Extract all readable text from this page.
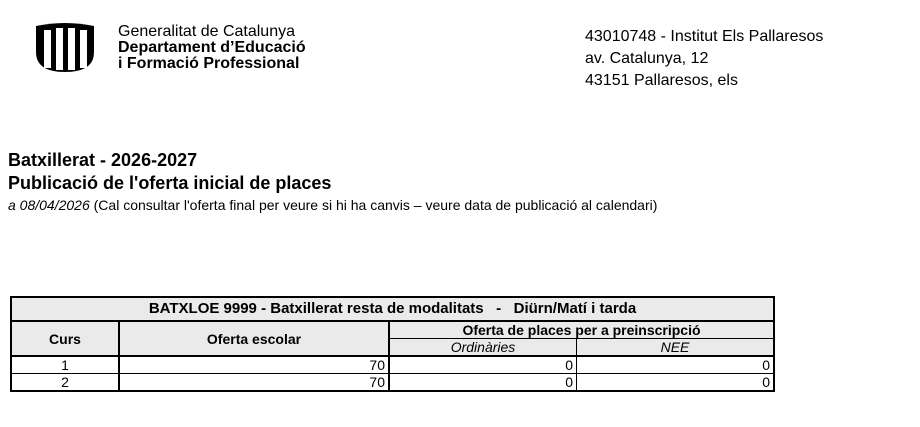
Generalitat de Catalunya
Departament d’Educació
i Formació Professional
43010748 - Institut Els Pallaresos
av. Catalunya, 12
43151 Pallaresos, els
Batxillerat - 2026-2027
Publicació de l'oferta inicial de places
a 08/04/2026 (Cal consultar l'oferta final per veure si hi ha canvis – veure data de publicació al calendari)
BATXLOE 9999 - Batxillerat resta de modalitats   -   Diürn/Matí i tarda			
Curs	Oferta escolar	Oferta de places per a preinscripció	
		Ordinàries	NEE
1	70	0	0
2	70	0	0
